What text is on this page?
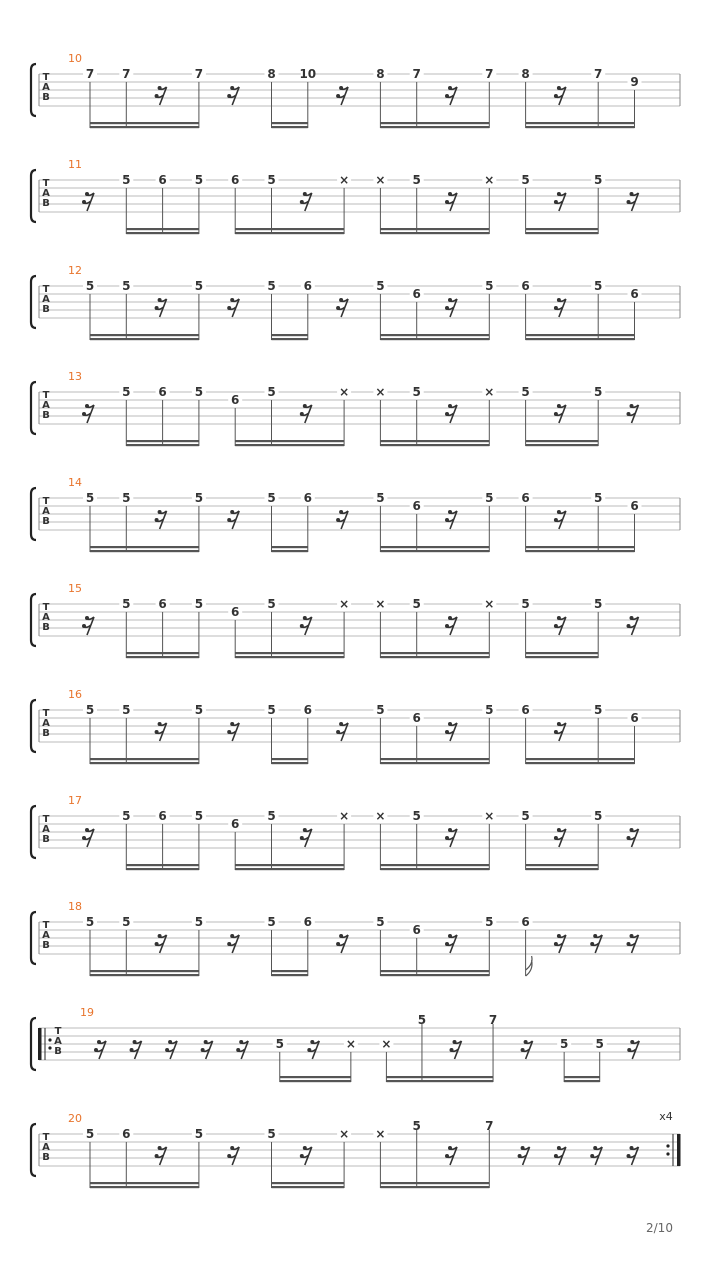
T
A
B
10
7 7	7	8 10	8 7	7 8	7
9
T
A
B
11
5 6 5 6 5	× × 5	× 5	5
T
A
B
12
5 5	5	5 6	5
6
5 6	5
6
T
A
B
13
5 6 5
6
5	× × 5	× 5	5
T
A
B
14
5 5	5	5 6	5
6
5 6	5
6
T
A
B
15
5 6 5
6
5	× × 5	× 5	5
T
A
B
16
5 5	5	5 6	5
6
5 6	5
6
T
A
B
17
5 6 5
6
5	× × 5	× 5	5
T
A
B
18
5 5	5	5 6	5
6
5 6
T
A
B
19
5	× ×
5	7
5 5
T
A
B
x4
20
5 6	5	5	× ×
5	7
2/10
